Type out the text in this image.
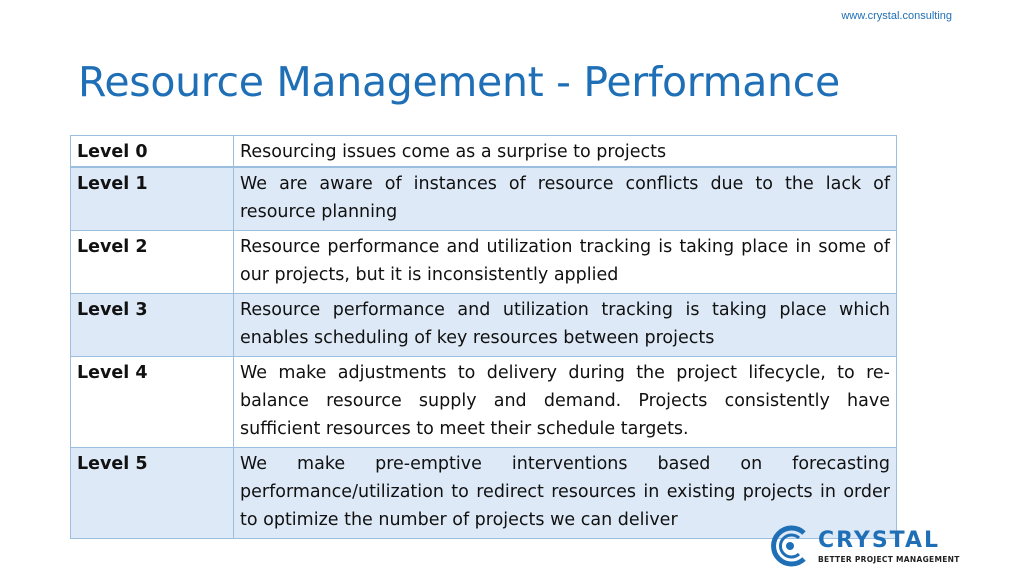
www.crystal.consulting
Resource Management - Performance
Level 0	Resourcing issues come as a surprise to projects
Level 1	We are aware of instances of resource conflicts due to the lack of resource planning
Level 2	Resource performance and utilization tracking is taking place in some of our projects, but it is inconsistently applied
Level 3	Resource performance and utilization tracking is taking place which enables scheduling of key resources between projects
Level 4	We make adjustments to delivery during the project lifecycle, to re-balance resource supply and demand. Projects consistently have sufficient resources to meet their schedule targets.
Level 5	We make pre-emptive interventions based on forecasting performance/utilization to redirect resources in existing projects in order to optimize the number of projects we can deliver
CRYSTAL
BETTER PROJECT MANAGEMENT
